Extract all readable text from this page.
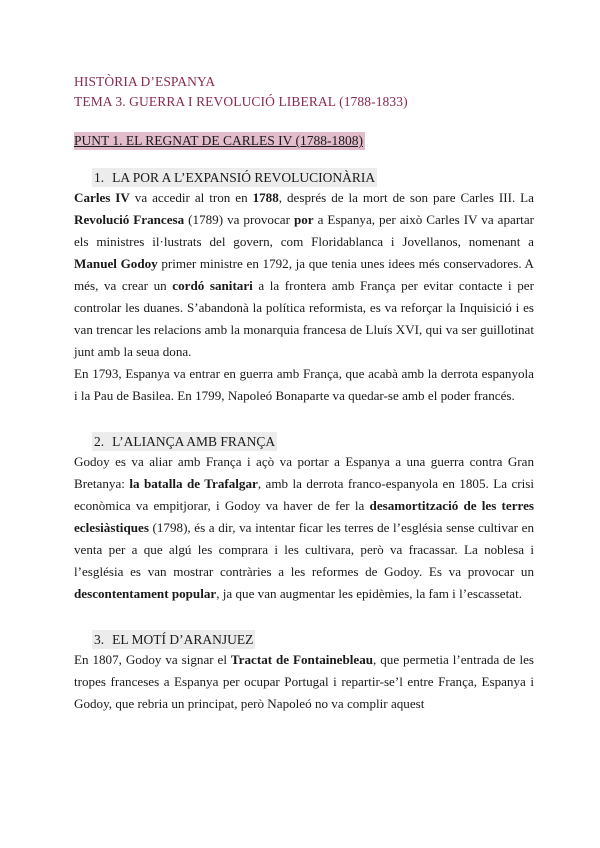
HISTÒRIA D’ESPANYA
TEMA 3. GUERRA I REVOLUCIÓ LIBERAL (1788-1833)
PUNT 1. EL REGNAT DE CARLES IV (1788-1808)
1. LA POR A L’EXPANSIÓ REVOLUCIONÀRIA

Carles IV va accedir al tron en 1788, després de la mort de son pare Carles III. La Revolució Francesa (1789) va provocar por a Espanya, per això Carles IV va apartar els ministres il·lustrats del govern, com Floridablanca i Jovellanos, nomenant a Manuel Godoy primer ministre en 1792, ja que tenia unes idees més conservadores. A més, va crear un cordó sanitari a la frontera amb França per evitar contacte i per controlar les duanes. S’abandonà la política reformista, es va reforçar la Inquisició i es van trencar les relacions amb la monarquia francesa de Lluís XVI, qui va ser guillotinat junt amb la seua dona.

En 1793, Espanya va entrar en guerra amb França, que acabà amb la derrota espanyola i la Pau de Basilea. En 1799, Napoleó Bonaparte va quedar-se amb el poder francés.

2. L’ALIANÇA AMB FRANÇA

Godoy es va aliar amb França i açò va portar a Espanya a una guerra contra Gran Bretanya: la batalla de Trafalgar, amb la derrota franco-espanyola en 1805. La crisi econòmica va empitjorar, i Godoy va haver de fer la desamortització de les terres eclesiàstiques (1798), és a dir, va intentar ficar les terres de l’església sense cultivar en venta per a que algú les comprara i les cultivara, però va fracassar. La noblesa i l’església es van mostrar contràries a les reformes de Godoy. Es va provocar un descontentament popular, ja que van augmentar les epidèmies, la fam i l’escassetat.

3. EL MOTÍ D’ARANJUEZ

En 1807, Godoy va signar el Tractat de Fontainebleau, que permetia l’entrada de les tropes franceses a Espanya per ocupar Portugal i repartir-se’l entre França, Espanya i Godoy, que rebria un principat, però Napoleó no va complir aquest
